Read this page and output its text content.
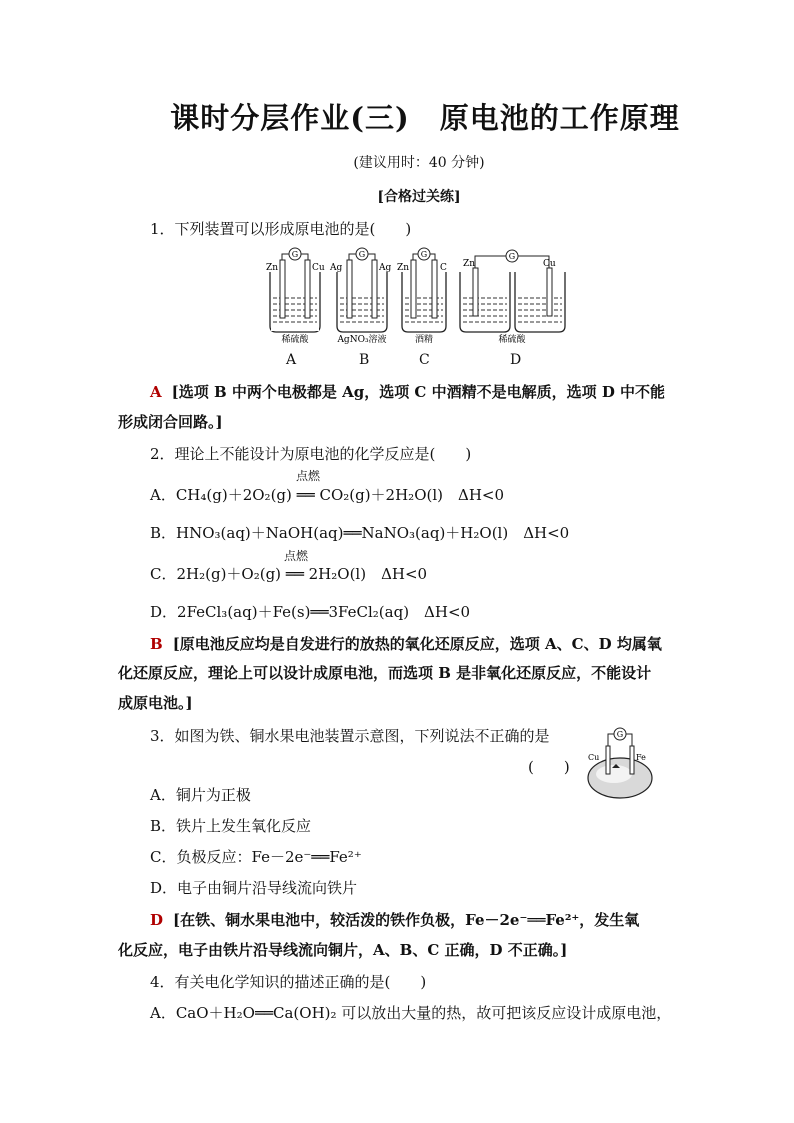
课时分层作业(三)　原电池的工作原理
(建议用时：40 分钟)
[合格过关练]
1．下列装置可以形成原电池的是(　　)
G
Zn	Cu
稀硫酸
G
Ag	Ag
AgNO₃溶液
G
Zn	C
酒精
G
Zn	Cu
稀硫酸
A	B	C	D
A [选项 B 中两个电极都是 Ag，选项 C 中酒精不是电解质，选项 D 中不能
形成闭合回路。]
2．理论上不能设计为原电池的化学反应是(　　)
点燃
A．CH₄(g)＋2O₂(g) ══ CO₂(g)＋2H₂O(l)　ΔH<0
B．HNO₃(aq)＋NaOH(aq)══NaNO₃(aq)＋H₂O(l)　ΔH<0
点燃
C．2H₂(g)＋O₂(g) ══ 2H₂O(l)　ΔH<0
D．2FeCl₃(aq)＋Fe(s)══3FeCl₂(aq)　ΔH<0
B [原电池反应均是自发进行的放热的氧化还原反应，选项 A、C、D 均属氧
化还原反应，理论上可以设计成原电池，而选项 B 是非氧化还原反应，不能设计
成原电池。]
3．如图为铁、铜水果电池装置示意图，下列说法不正确的是
(　　)
G
Cu	Fe
A．铜片为正极
B．铁片上发生氧化反应
C．负极反应：Fe－2e⁻══Fe²⁺
D．电子由铜片沿导线流向铁片
D [在铁、铜水果电池中，较活泼的铁作负极，Fe－2e⁻══Fe²⁺，发生氧
化反应，电子由铁片沿导线流向铜片，A、B、C 正确，D 不正确。]
4．有关电化学知识的描述正确的是(　　)
A．CaO＋H₂O══Ca(OH)₂ 可以放出大量的热，故可把该反应设计成原电池，
